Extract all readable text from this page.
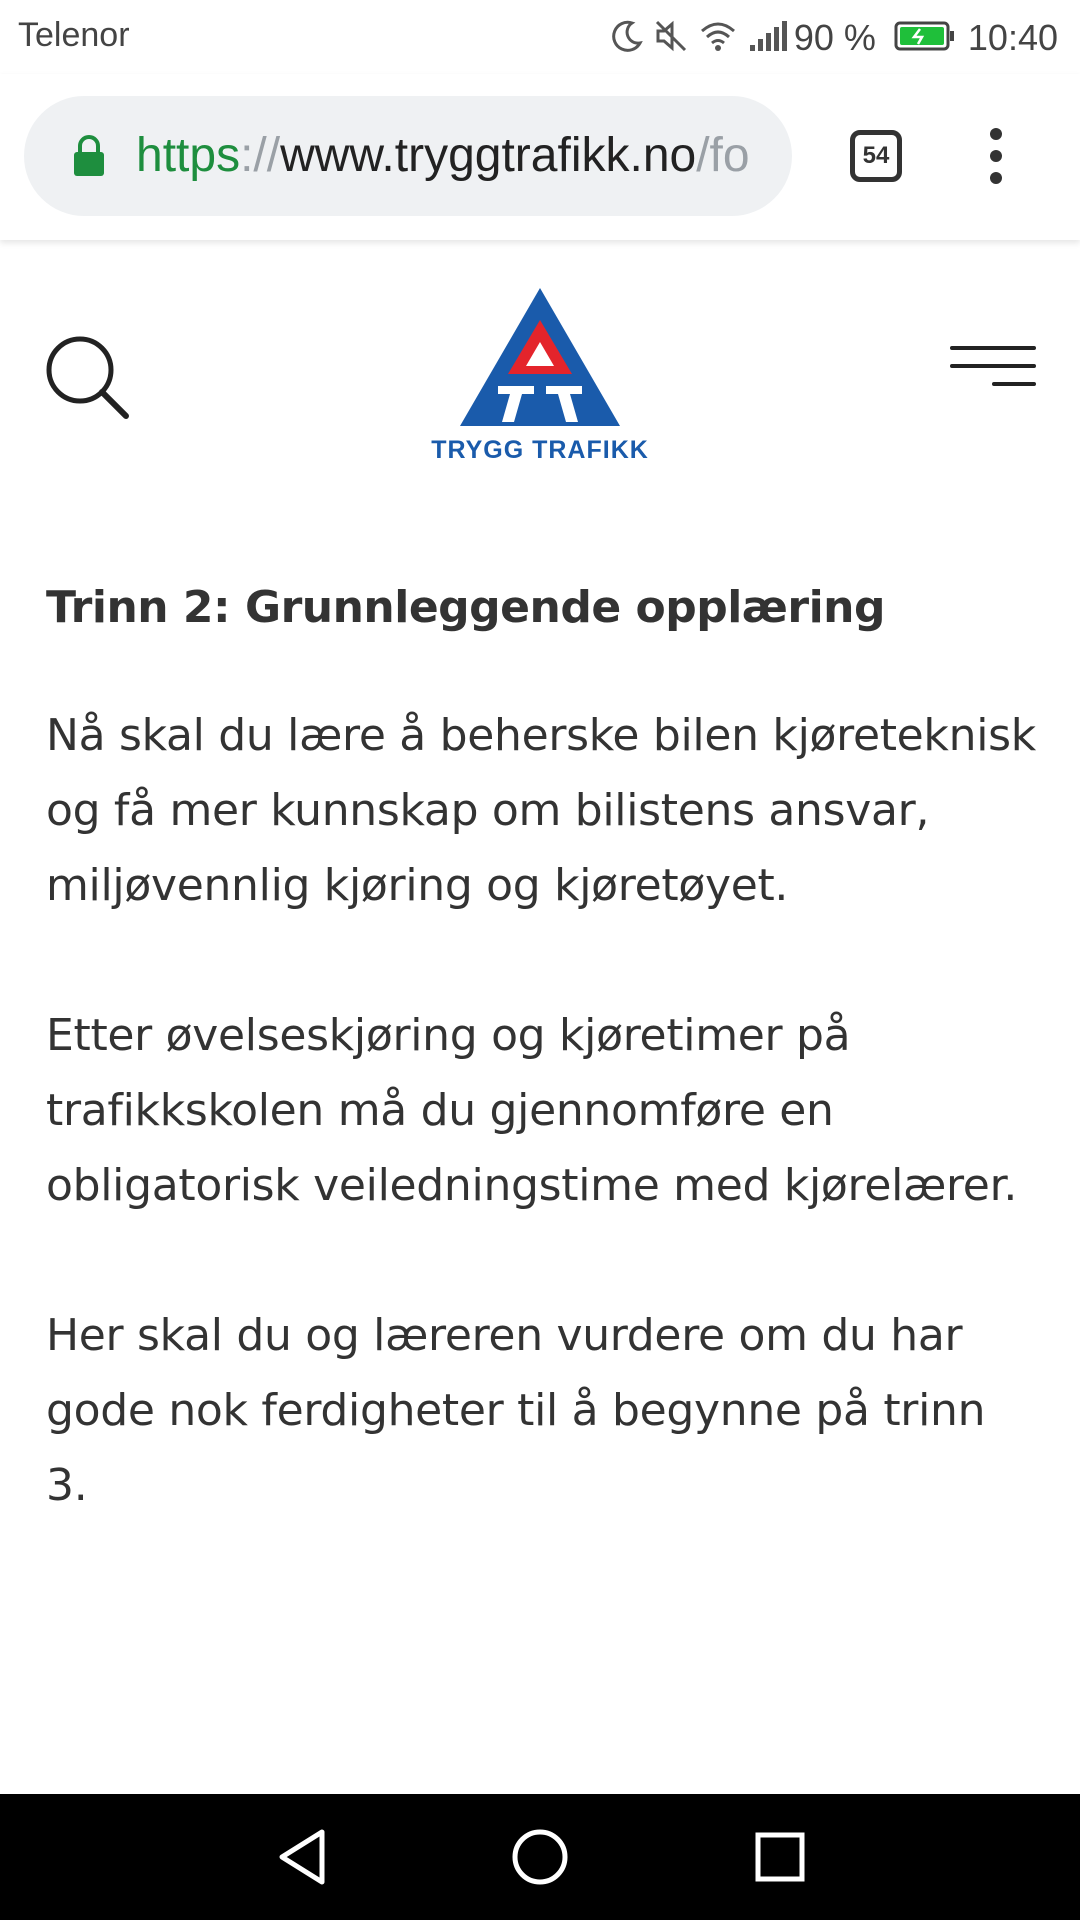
Telenor	90 %	10:40
https://www.tryggtrafikk.no/fo	54
TRYGG TRAFIKK
Trinn 2: Grunnleggende opplæring

Nå skal du lære å beherske bilen kjøreteknisk og få mer kunnskap om bilistens ansvar, miljøvennlig kjøring og kjøretøyet.

Etter øvelseskjøring og kjøretimer på trafikkskolen må du gjennomføre en obligatorisk veiledningstime med kjørelærer.

Her skal du og læreren vurdere om du har gode nok ferdigheter til å begynne på trinn 3.
